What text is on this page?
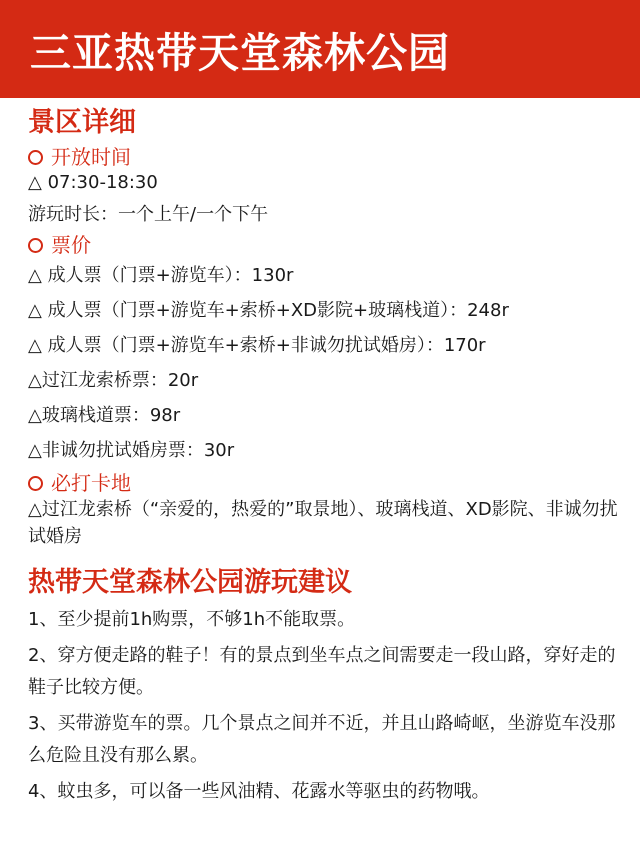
三亚热带天堂森林公园
景区详细
开放时间
△ 07:30-18:30
游玩时长：一个上午/一个下午
票价
△ 成人票（门票+游览车）：130r
△ 成人票（门票+游览车+索桥+XD影院+玻璃栈道）：248r
△ 成人票（门票+游览车+索桥+非诚勿扰试婚房）：170r
△过江龙索桥票：20r
△玻璃栈道票：98r
△非诚勿扰试婚房票：30r
必打卡地
△过江龙索桥（“亲爱的，热爱的”取景地）、玻璃栈道、XD影院、非诚勿扰试婚房
热带天堂森林公园游玩建议
1、至少提前1h购票，不够1h不能取票。
2、穿方便走路的鞋子！有的景点到坐车点之间需要走一段山路，穿好走的鞋子比较方便。
3、买带游览车的票。几个景点之间并不近，并且山路崎岖，坐游览车没那么危险且没有那么累。
4、蚊虫多，可以备一些风油精、花露水等驱虫的药物哦。
